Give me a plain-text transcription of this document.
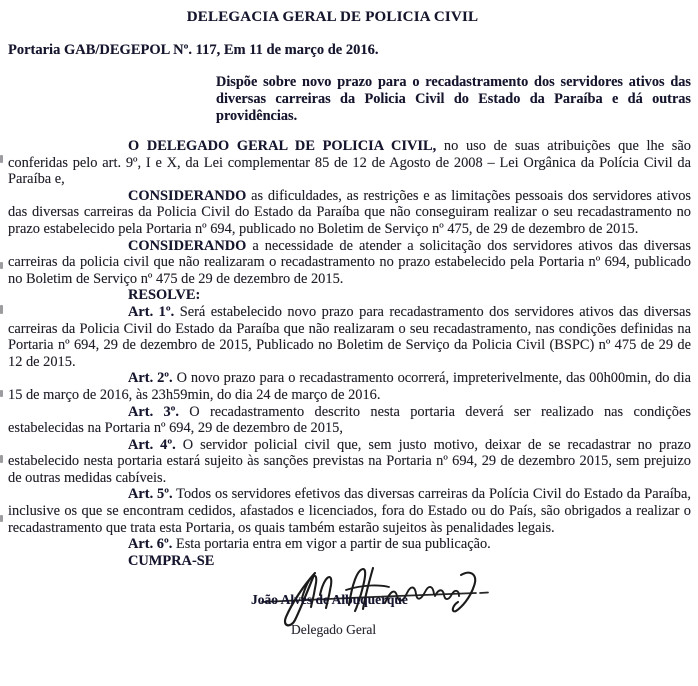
DELEGACIA GERAL DE POLICIA CIVIL
Portaria GAB/DEGEPOL Nº. 117, Em 11 de março de 2016.
Dispõe sobre novo prazo para o recadastramento dos servidores ativos das diversas carreiras da Policia Civil do Estado da Paraíba e dá outras providências.

O DELEGADO GERAL DE POLICIA CIVIL, no uso de suas atribuições que lhe são conferidas pelo art. 9º, I e X, da Lei complementar 85 de 12 de Agosto de 2008 – Lei Orgânica da Polícia Civil da Paraíba e,

CONSIDERANDO as dificuldades, as restrições e as limitações pessoais dos servidores ativos das diversas carreiras da Policia Civil do Estado da Paraíba que não conseguiram realizar o seu recadastramento no prazo estabelecido pela Portaria nº 694, publicado no Boletim de Serviço nº 475, de 29 de dezembro de 2015.

CONSIDERANDO a necessidade de atender a solicitação dos servidores ativos das diversas carreiras da policia civil que não realizaram o recadastramento no prazo estabelecido pela Portaria nº 694, publicado no Boletim de Serviço nº 475 de 29 de dezembro de 2015.

RESOLVE:

Art. 1º. Será estabelecido novo prazo para recadastramento dos servidores ativos das diversas carreiras da Policia Civil do Estado da Paraíba que não realizaram o seu recadastramento, nas condições definidas na Portaria nº 694, 29 de dezembro de 2015, Publicado no Boletim de Serviço da Policia Civil (BSPC) nº 475 de 29 de 12 de 2015.

Art. 2º. O novo prazo para o recadastramento ocorrerá, impreterivelmente, das 00h00min, do dia 15 de março de 2016, às 23h59min, do dia 24 de março de 2016.

Art. 3º. O recadastramento descrito nesta portaria deverá ser realizado nas condições estabelecidas na Portaria nº 694, 29 de dezembro de 2015,

Art. 4º. O servidor policial civil que, sem justo motivo, deixar de se recadastrar no prazo estabelecido nesta portaria estará sujeito às sanções previstas na Portaria nº 694, 29 de dezembro 2015, sem prejuizo de outras medidas cabíveis.

Art. 5º. Todos os servidores efetivos das diversas carreiras da Polícia Civil do Estado da Paraíba, inclusive os que se encontram cedidos, afastados e licenciados, fora do Estado ou do País, são obrigados a realizar o recadastramento que trata esta Portaria, os quais também estarão sujeitos às penalidades legais.

Art. 6º. Esta portaria entra em vigor a partir de sua publicação.

CUMPRA-SE

João Alves de Albuquerque
Delegado Geral
